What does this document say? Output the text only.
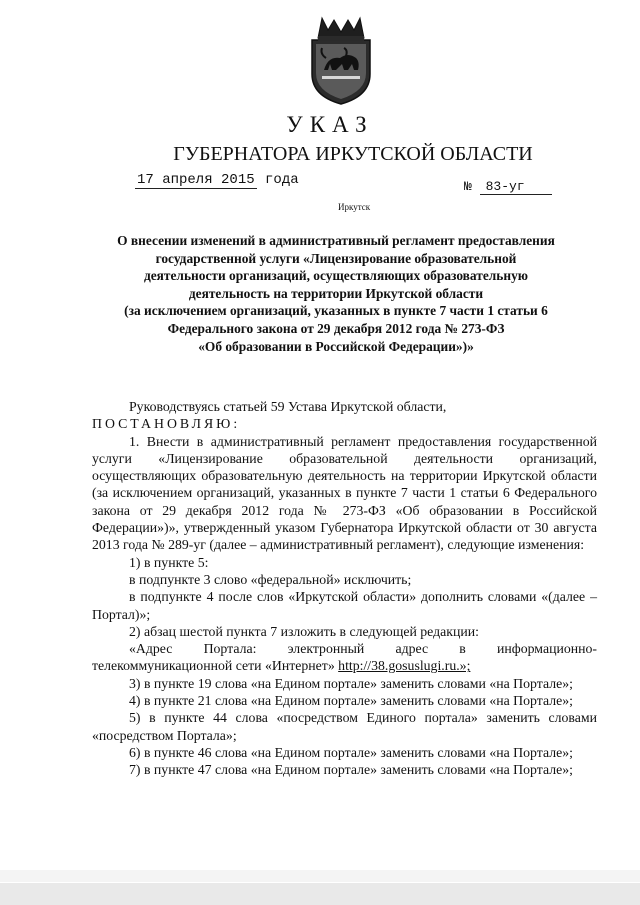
УКАЗ
ГУБЕРНАТОРА ИРКУТСКОЙ ОБЛАСТИ
17 апреля 2015 года	№ 83-уг
Иркутск
О внесении изменений в административный регламент предоставления
государственной услуги «Лицензирование образовательной
деятельности организаций, осуществляющих образовательную
деятельность на территории Иркутской области
(за исключением организаций, указанных в пункте 7 части 1 статьи 6
Федерального закона от 29 декабря 2012 года № 273-ФЗ
«Об образовании в Российской Федерации»)»

Руководствуясь статьей 59 Устава Иркутской области,

ПОСТАНОВЛЯЮ:

1. Внести в административный регламент предоставления государственной услуги «Лицензирование образовательной деятельности организаций, осуществляющих образовательную деятельность на территории Иркутской области (за исключением организаций, указанных в пункте 7 части 1 статьи 6 Федерального закона от 29 декабря 2012 года № 273-ФЗ «Об образовании в Российской Федерации»)», утвержденный указом Губернатора Иркутской области от 30 августа 2013 года № 289-уг (далее – административный регламент), следующие изменения:

1) в пункте 5:

в подпункте 3 слово «федеральной» исключить;

в подпункте 4 после слов «Иркутской области» дополнить словами «(далее – Портал)»;

2) абзац шестой пункта 7 изложить в следующей редакции:

«Адрес Портала: электронный адрес в информационно-телекоммуникационной сети «Интернет» http://38.gosuslugi.ru.»;

3) в пункте 19 слова «на Едином портале» заменить словами «на Портале»;

4) в пункте 21 слова «на Едином портале» заменить словами «на Портале»;

5) в пункте 44 слова «посредством Единого портала» заменить словами «посредством Портала»;

6) в пункте 46 слова «на Едином портале» заменить словами «на Портале»;

7) в пункте 47 слова «на Едином портале» заменить словами «на Портале»;
